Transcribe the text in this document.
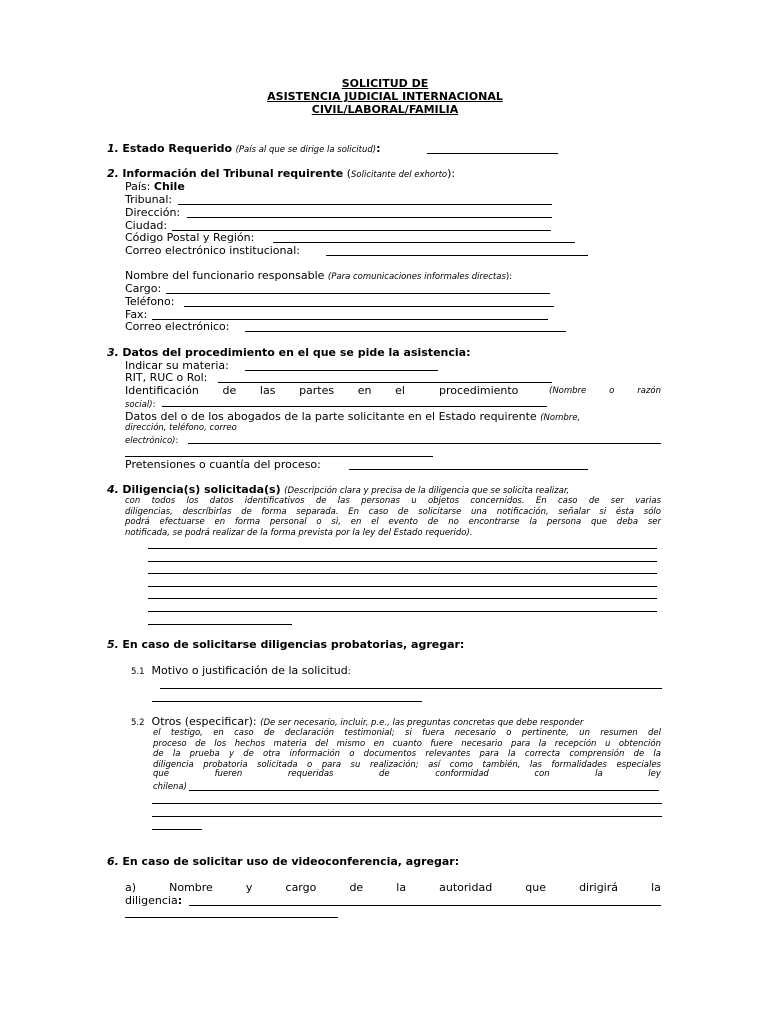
SOLICITUD DE
ASISTENCIA JUDICIAL INTERNACIONAL
CIVIL/LABORAL/FAMILIA
1. Estado Requerido (País al que se dirige la solicitud):
2. Información del Tribunal requirente (Solicitante del exhorto):
País: Chile
Tribunal:
Dirección:
Ciudad:
Código Postal y Región:
Correo electrónico institucional:
Nombre del funcionario responsable (Para comunicaciones informales directas):
Cargo:
Teléfono:
Fax:
Correo electrónico:
3. Datos del procedimiento en el que se pide la asistencia:
Indicar su materia:
RIT, RUC o Rol:
Identificación de las partes en el	procedimiento	(Nombre	o	razón
social):
Datos del o de los abogados de la parte solicitante en el Estado requirente (Nombre,
dirección, teléfono, correo
electrónico):
Pretensiones o cuantía del proceso:
4. Diligencia(s) solicitada(s) (Descripción clara y precisa de la diligencia que se solicita realizar,
con todos los datos identificativos de las personas u objetos concernidos. En caso de ser varias
diligencias, descríbirlas de forma separada. En caso de solicitarse una notificación, señalar si ésta sólo
podrá efectuarse en forma personal o si, en el evento de no encontrarse la persona que deba ser
notificada, se podrá realizar de la forma prevista por la ley del Estado requerido).
5. En caso de solicitarse diligencias probatorias, agregar:
5.1 Motivo o justificación de la solicitud:
5.2 Otros (especificar): (De ser necesario, incluir, p.e., las preguntas concretas que debe responder
el testigo, en caso de declaración testimonial; si fuera necesario o pertinente, un resumen del
proceso de los hechos materia del mismo en cuanto fuere necesario para la recepción u obtención
de la prueba y de otra información o documentos relevantes para la correcta comprensión de la
diligencia probatoria solicitada o para su realización; así como también, las formalidades especiales
que	fueren	requeridas	de	conformidad	con	la	ley
chilena)
6. En caso de solicitar uso de videoconferencia, agregar:
a)	Nombre	y	cargo	de	la	autoridad	que	dirigirá	la
diligencia:
